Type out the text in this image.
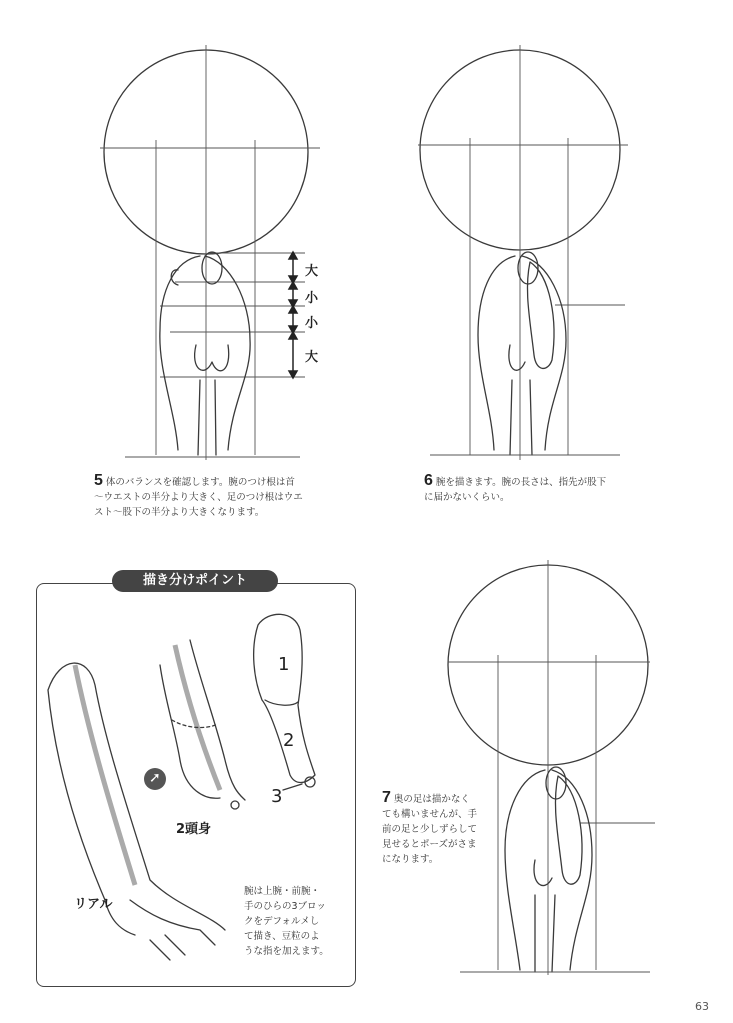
大
小
小
大
5 体のバランスを確認します。腕のつけ根は首
〜ウエストの半分より大きく、足のつけ根はウエ
スト〜股下の半分より大きくなります。
6 腕を描きます。腕の長さは、指先が股下
に届かないくらい。
描き分けポイント
1
2
3
➚
2頭身
リアル
腕は上腕・前腕・
手のひらの3ブロッ
クをデフォルメし
て描き、豆粒のよ
うな指を加えます。
7 奥の足は描かなく
ても構いませんが、手
前の足と少しずらして
見せるとポーズがさま
になります。
63
